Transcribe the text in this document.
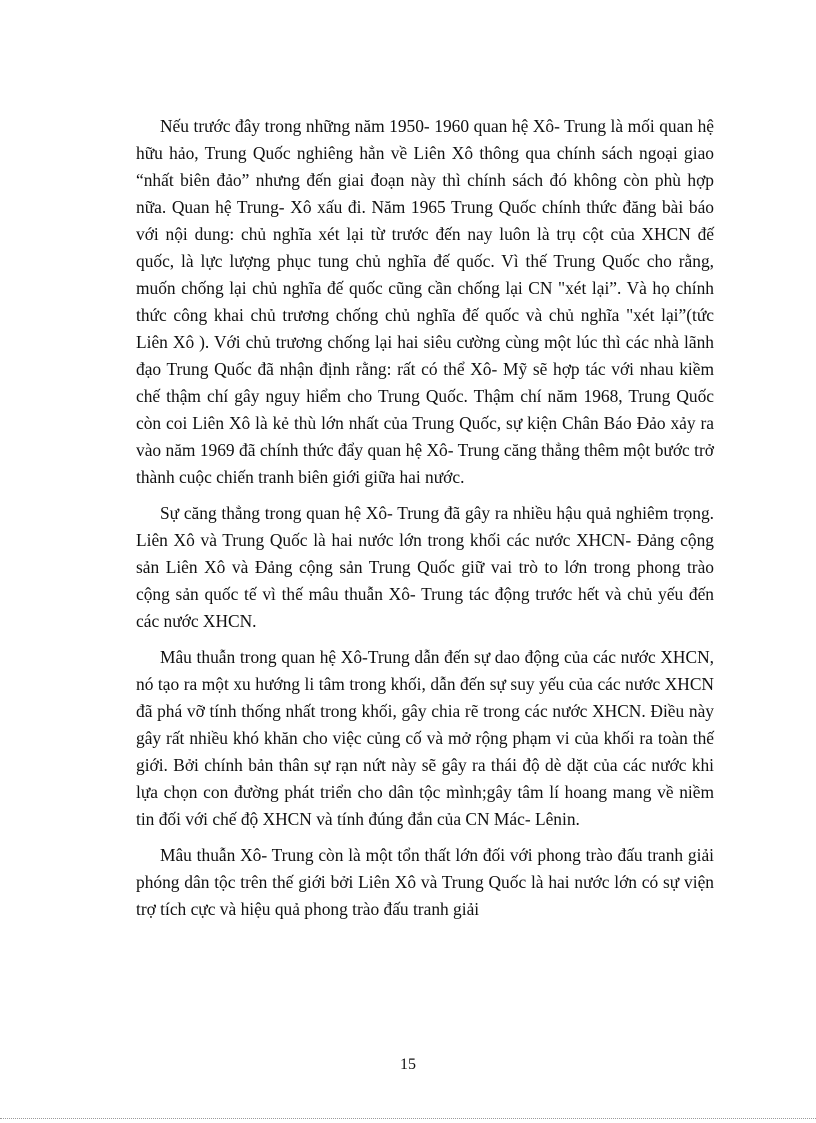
Nếu trước đây trong những năm 1950- 1960 quan hệ Xô- Trung là mối quan hệ hữu hảo, Trung Quốc nghiêng hẳn về Liên Xô thông qua chính sách ngoại giao “nhất biên đảo” nhưng đến giai đoạn này thì chính sách đó không còn phù hợp nữa. Quan hệ Trung- Xô xấu đi. Năm 1965 Trung Quốc chính thức đăng bài báo với nội dung: chủ nghĩa xét lại từ trước đến nay luôn là trụ cột của XHCN đế quốc, là lực lượng phục tung chủ nghĩa đế quốc. Vì thế Trung Quốc cho rằng, muốn chống lại chủ nghĩa đế quốc cũng cần chống lại CN "xét lại”. Và họ chính thức công khai chủ trương chống chủ nghĩa đế quốc và chủ nghĩa "xét lại”(tức Liên Xô ). Với chủ trương chống lại hai siêu cường cùng một lúc thì các nhà lãnh đạo Trung Quốc đã nhận định rằng: rất có thể Xô- Mỹ sẽ hợp tác với nhau kiềm chế thậm chí gây nguy hiểm cho Trung Quốc. Thậm chí năm 1968, Trung Quốc còn coi Liên Xô là kẻ thù lớn nhất của Trung Quốc, sự kiện Chân Báo Đảo xảy ra vào năm 1969 đã chính thức đẩy quan hệ Xô- Trung căng thẳng thêm một bước trở thành cuộc chiến tranh biên giới giữa hai nước.

Sự căng thẳng trong quan hệ Xô- Trung đã gây ra nhiều hậu quả nghiêm trọng. Liên Xô và Trung Quốc là hai nước lớn trong khối các nước XHCN- Đảng cộng sản Liên Xô và Đảng cộng sản Trung Quốc giữ vai trò to lớn trong phong trào cộng sản quốc tế vì thế mâu thuẫn Xô- Trung tác động trước hết và chủ yếu đến các nước XHCN.

Mâu thuẫn trong quan hệ Xô-Trung dẫn đến sự dao động của các nước XHCN, nó tạo ra một xu hướng li tâm trong khối, dẫn đến sự suy yếu của các nước XHCN đã phá vỡ tính thống nhất trong khối, gây chia rẽ trong các nước XHCN. Điều này gây rất nhiều khó khăn cho việc củng cố và mở rộng phạm vi của khối ra toàn thế giới. Bởi chính bản thân sự rạn nứt này sẽ gây ra thái độ dè dặt của các nước khi lựa chọn con đường phát triển cho dân tộc mình;gây tâm lí hoang mang về niềm tin đối với chế độ XHCN và tính đúng đắn của CN Mác- Lênin.

Mâu thuẫn Xô- Trung còn là một tổn thất lớn đối với phong trào đấu tranh giải phóng dân tộc trên thế giới bởi Liên Xô và Trung Quốc là hai nước lớn có sự viện trợ tích cực và hiệu quả phong trào đấu tranh giải

15
